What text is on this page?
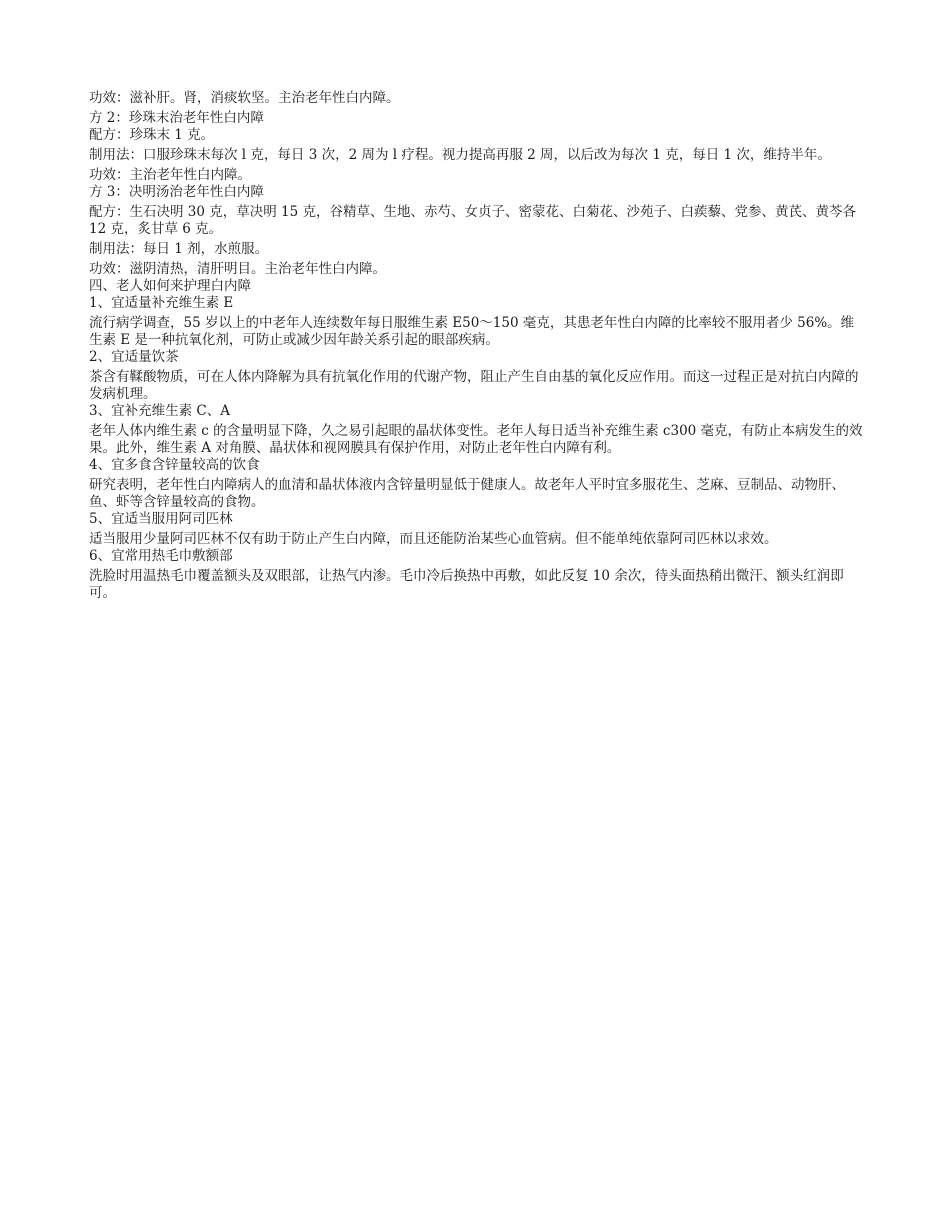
功效：滋补肝。肾，消痰软坚。主治老年性白内障。

方 2：珍珠末治老年性白内障

配方：珍珠末 1 克。

制用法：口服珍珠末每次 l 克，每日 3 次，2 周为 l 疗程。视力提高再服 2 周，以后改为每次 1 克，每日 1 次，维持半年。

功效：主治老年性白内障。

方 3：决明汤治老年性白内障

配方：生石决明 30 克，草决明 15 克，谷精草、生地、赤芍、女贞子、密蒙花、白菊花、沙苑子、白蒺藜、党参、黄芪、黄芩各 12 克，炙甘草 6 克。

制用法：每日 1 剂，水煎服。

功效：滋阴清热，清肝明目。主治老年性白内障。

四、老人如何来护理白内障

1、宜适量补充维生素 E

流行病学调查，55 岁以上的中老年人连续数年每日服维生素 E50～150 毫克，其患老年性白内障的比率较不服用者少 56%。维生素 E 是一种抗氧化剂，可防止或减少因年龄关系引起的眼部疾病。

2、宜适量饮茶

茶含有鞣酸物质，可在人体内降解为具有抗氧化作用的代谢产物，阻止产生自由基的氧化反应作用。而这一过程正是对抗白内障的发病机理。

3、宜补充维生素 C、A

老年人体内维生素 c 的含量明显下降，久之易引起眼的晶状体变性。老年人每日适当补充维生素 c300 毫克，有防止本病发生的效果。此外，维生素 A 对角膜、晶状体和视网膜具有保护作用，对防止老年性白内障有利。

4、宜多食含锌量较高的饮食

研究表明，老年性白内障病人的血清和晶状体液内含锌量明显低于健康人。故老年人平时宜多服花生、芝麻、豆制品、动物肝、鱼、虾等含锌量较高的食物。

5、宜适当服用阿司匹林

适当服用少量阿司匹林不仅有助于防止产生白内障，而且还能防治某些心血管病。但不能单纯依靠阿司匹林以求效。

6、宜常用热毛巾敷额部

洗脸时用温热毛巾覆盖额头及双眼部，让热气内渗。毛巾冷后换热中再敷，如此反复 10 余次，待头面热稍出微汗、额头红润即可。
